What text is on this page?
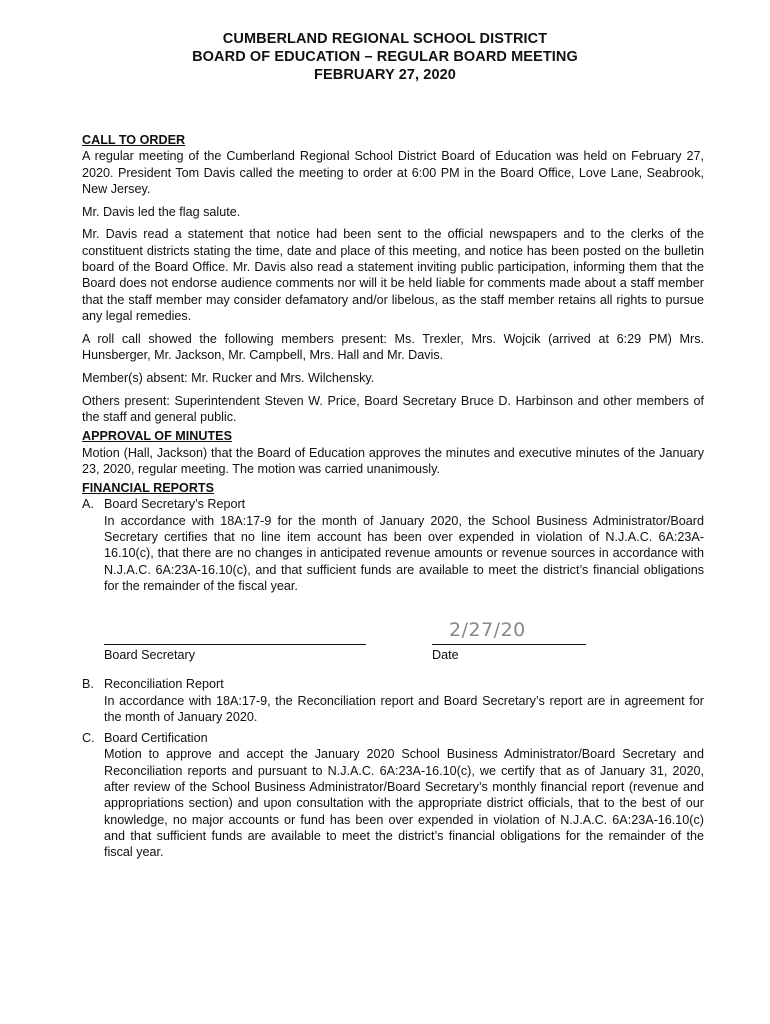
CUMBERLAND REGIONAL SCHOOL DISTRICT
BOARD OF EDUCATION – REGULAR BOARD MEETING
FEBRUARY 27, 2020
CALL TO ORDER

A regular meeting of the Cumberland Regional School District Board of Education was held on February 27, 2020. President Tom Davis called the meeting to order at 6:00 PM in the Board Office, Love Lane, Seabrook, New Jersey.

Mr. Davis led the flag salute.

Mr. Davis read a statement that notice had been sent to the official newspapers and to the clerks of the constituent districts stating the time, date and place of this meeting, and notice has been posted on the bulletin board of the Board Office. Mr. Davis also read a statement inviting public participation, informing them that the Board does not endorse audience comments nor will it be held liable for comments made about a staff member that the staff member may consider defamatory and/or libelous, as the staff member retains all rights to pursue any legal remedies.

A roll call showed the following members present: Ms. Trexler, Mrs. Wojcik (arrived at 6:29 PM) Mrs. Hunsberger, Mr. Jackson, Mr. Campbell, Mrs. Hall and Mr. Davis.

Member(s) absent: Mr. Rucker and Mrs. Wilchensky.

Others present: Superintendent Steven W. Price, Board Secretary Bruce D. Harbinson and other members of the staff and general public.

APPROVAL OF MINUTES

Motion (Hall, Jackson) that the Board of Education approves the minutes and executive minutes of the January 23, 2020, regular meeting. The motion was carried unanimously.

FINANCIAL REPORTS
A. Board Secretary’s Report

In accordance with 18A:17-9 for the month of January 2020, the School Business Administrator/Board Secretary certifies that no line item account has been over expended in violation of N.J.A.C. 6A:23A-16.10(c), that there are no changes in anticipated revenue amounts or revenue sources in accordance with N.J.A.C. 6A:23A-16.10(c), and that sufficient funds are available to meet the district’s financial obligations for the remainder of the fiscal year.

Board Secretary
2/27/20
Date
B. Reconciliation Report

In accordance with 18A:17-9, the Reconciliation report and Board Secretary’s report are in agreement for the month of January 2020.

C. Board Certification

Motion to approve and accept the January 2020 School Business Administrator/Board Secretary and Reconciliation reports and pursuant to N.J.A.C. 6A:23A-16.10(c), we certify that as of January 31, 2020, after review of the School Business Administrator/Board Secretary’s monthly financial report (revenue and appropriations section) and upon consultation with the appropriate district officials, that to the best of our knowledge, no major accounts or fund has been over expended in violation of N.J.A.C. 6A:23A-16.10(c) and that sufficient funds are available to meet the district’s financial obligations for the remainder of the fiscal year.
